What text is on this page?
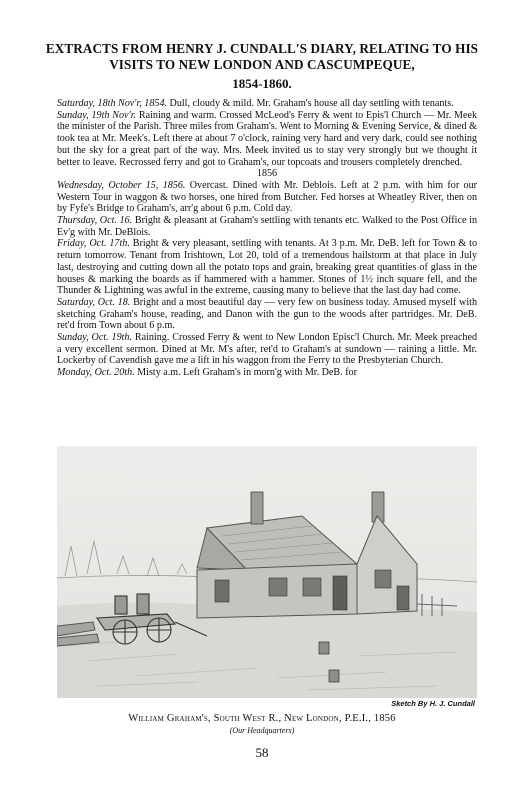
EXTRACTS FROM HENRY J. CUNDALL'S DIARY, RELATING TO HIS VISITS TO NEW LONDON AND CASCUMPEQUE,
1854-1860.

Saturday, 18th Nov'r, 1854. Dull, cloudy & mild. Mr. Graham's house all day settling with tenants.

Sunday, 19th Nov'r. Raining and warm. Crossed McLeod's Ferry & went to Epis'l Church — Mr. Meek the minister of the Parish. Three miles from Graham's. Went to Morning & Evening Service, & dined & took tea at Mr. Meek's. Left there at about 7 o'clock, raining very hard and very dark, could see nothing but the sky for a great part of the way. Mrs. Meek invited us to stay very strongly but we thought it better to leave. Recrossed ferry and got to Graham's, our topcoats and trousers completely drenched.

1856

Wednesday, October 15, 1856. Overcast. Dined with Mr. Deblois. Left at 2 p.m. with him for our Western Tour in waggon & two horses, one hired from Butcher. Fed horses at Wheatley River, then on by Fyfe's Bridge to Graham's, arr'g about 6 p.m. Cold day.

Thursday, Oct. 16. Bright & pleasant at Graham's settling with tenants etc. Walked to the Post Office in Ev'g with Mr. DeBlois.

Friday, Oct. 17th. Bright & very pleasant, settling with tenants. At 3 p.m. Mr. DeB. left for Town & to return tomorrow. Tenant from Irishtown, Lot 20, told of a tremendous hailstorm at that place in July last, destroying and cutting down all the potato tops and grain, breaking great quantities of glass in the houses & marking the boards as if hammered with a hammer. Stones of 1½ inch square fell, and the Thunder & Lightning was awful in the extreme, causing many to believe that the last day had come.

Saturday, Oct. 18. Bright and a most beautiful day — very few on business today. Amused myself with sketching Graham's house, reading, and Danon with the gun to the woods after partridges. Mr. DeB. ret'd from Town about 6 p.m.

Sunday, Oct. 19th. Raining. Crossed Ferry & went to New London Episc'l Church. Mr. Meek preached a very excellent sermon. Dined at Mr. M's after, ret'd to Graham's at sundown — raining a little. Mr. Lockerby of Cavendish gave me a lift in his waggon from the Ferry to the Presbyterian Church.

Monday, Oct. 20th. Misty a.m. Left Graham's in morn'g with Mr. DeB. for

Sketch By H. J. Cundall
William Graham's, South West R., New London, P.E.I., 1856
(Our Headquarters)
58
